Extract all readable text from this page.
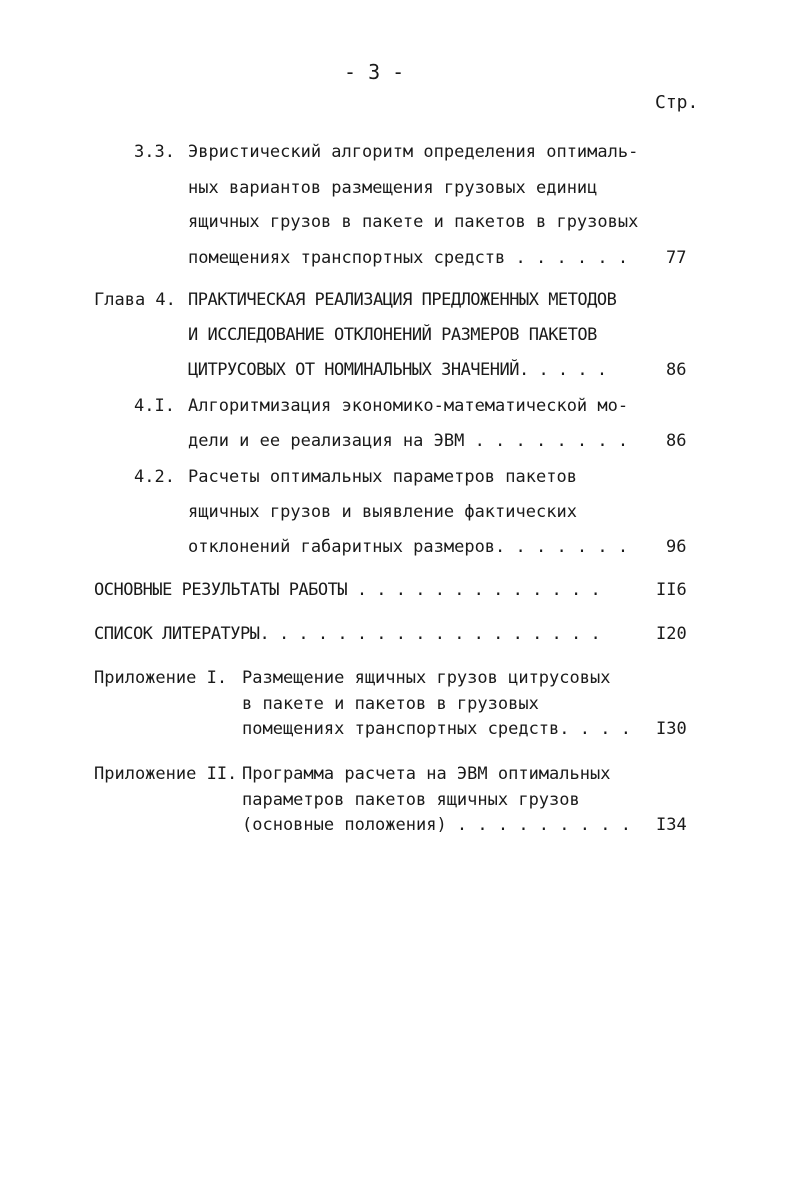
- 3 -
Стр.
3.3. Эвристический алгоритм определения оптималь-
ных вариантов размещения грузовых единиц
ящичных грузов в пакете и пакетов в грузовых
помещениях транспортных средств . . . . . . 77
Глава 4. ПРАКТИЧЕСКАЯ РЕАЛИЗАЦИЯ ПРЕДЛОЖЕННЫХ МЕТОДОВ
И ИССЛЕДОВАНИЕ ОТКЛОНЕНИЙ РАЗМЕРОВ ПАКЕТОВ
ЦИТРУСОВЫХ ОТ НОМИНАЛЬНЫХ ЗНАЧЕНИЙ. . . . .	86
4.I. Алгоритмизация экономико-математической мо-
дели и ее реализация на ЭВМ . . . . . . . . 86
4.2. Расчеты оптимальных параметров пакетов
ящичных грузов и выявление фактических
отклонений габаритных размеров. . . . . . . 96
ОСНОВНЫЕ РЕЗУЛЬТАТЫ РАБОТЫ . . . . . . . . . . . . .	II6
СПИСОК ЛИТЕРАТУРЫ. . . . . . . . . . . . . . . . . .	I20
Приложение I. Размещение ящичных грузов цитрусовых
в пакете и пакетов в грузовых
помещениях транспортных средств. . . . I30
Приложение II. Программа расчета на ЭВМ оптимальных
параметров пакетов ящичных грузов
(основные положения) . . . . . . . . . I34
